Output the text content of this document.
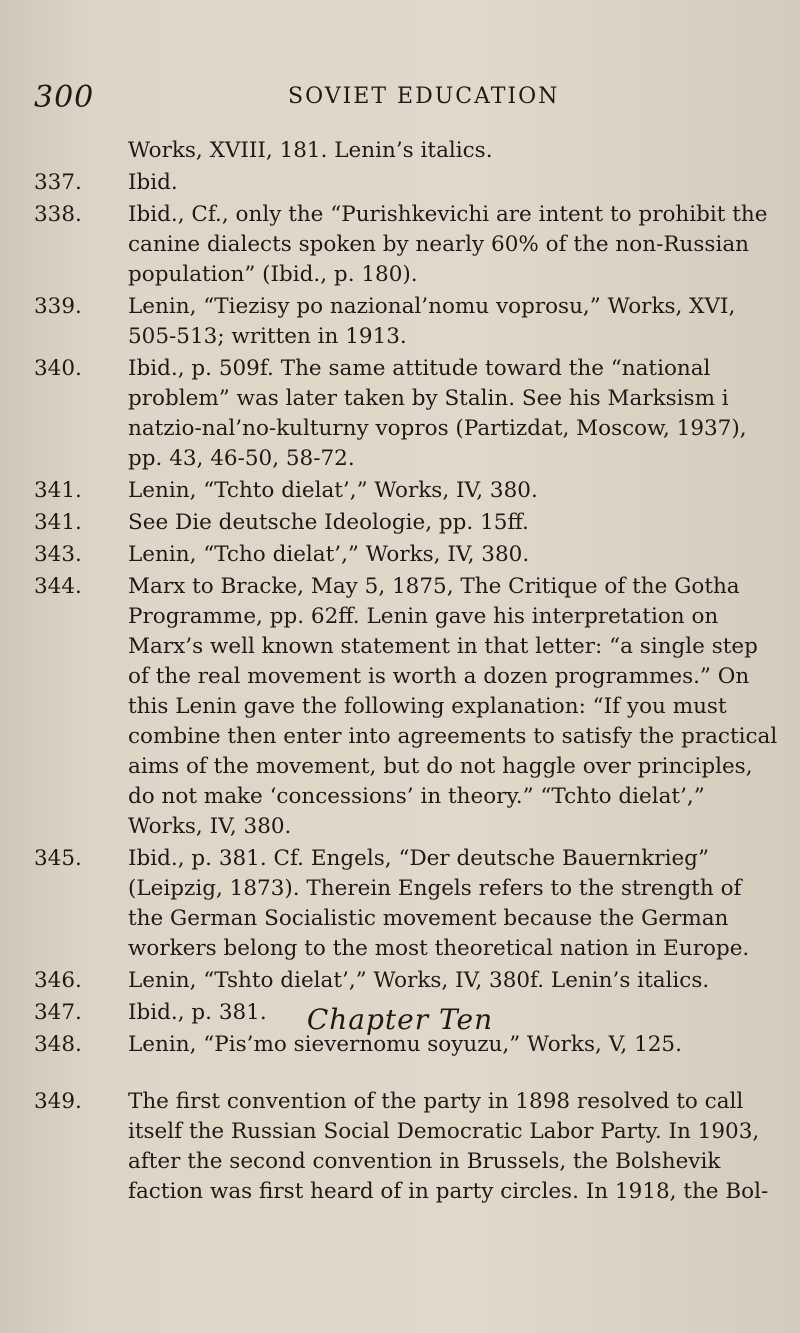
300	SOVIET EDUCATION
Works, XVIII, 181. Lenin’s italics.
337.	Ibid.
338.	Ibid., Cf., only the “Purishkevichi are intent to prohibit the canine dialects spoken by nearly 60% of the non-Russian population” (Ibid., p. 180).
339.	Lenin, “Tiezisy po nazional’nomu voprosu,” Works, XVI, 505-513; written in 1913.
340.	Ibid., p. 509f. The same attitude toward the “national problem” was later taken by Stalin. See his Marksism i natzio-nal’no-kulturny vopros (Partizdat, Moscow, 1937), pp. 43, 46-50, 58-72.
341.	Lenin, “Tchto dielat’,” Works, IV, 380.
341.	See Die deutsche Ideologie, pp. 15ff.
343.	Lenin, “Tcho dielat’,” Works, IV, 380.
344.	Marx to Bracke, May 5, 1875, The Critique of the Gotha Programme, pp. 62ff. Lenin gave his interpretation on Marx’s well known statement in that letter: “a single step of the real movement is worth a dozen programmes.” On this Lenin gave the following explanation: “If you must combine then enter into agreements to satisfy the practical aims of the movement, but do not haggle over principles, do not make ‘concessions’ in theory.” “Tchto dielat’,” Works, IV, 380.
345.	Ibid., p. 381. Cf. Engels, “Der deutsche Bauernkrieg” (Leipzig, 1873). Therein Engels refers to the strength of the German Socialistic movement because the German workers belong to the most theoretical nation in Europe.
346.	Lenin, “Tshto dielat’,” Works, IV, 380f. Lenin’s italics.
347.	Ibid., p. 381.
348.	Lenin, “Pis’mo sievernomu soyuzu,” Works, V, 125.
Chapter Ten
349.	The first convention of the party in 1898 resolved to call itself the Russian Social Democratic Labor Party. In 1903, after the second convention in Brussels, the Bolshevik faction was first heard of in party circles. In 1918, the Bol-
